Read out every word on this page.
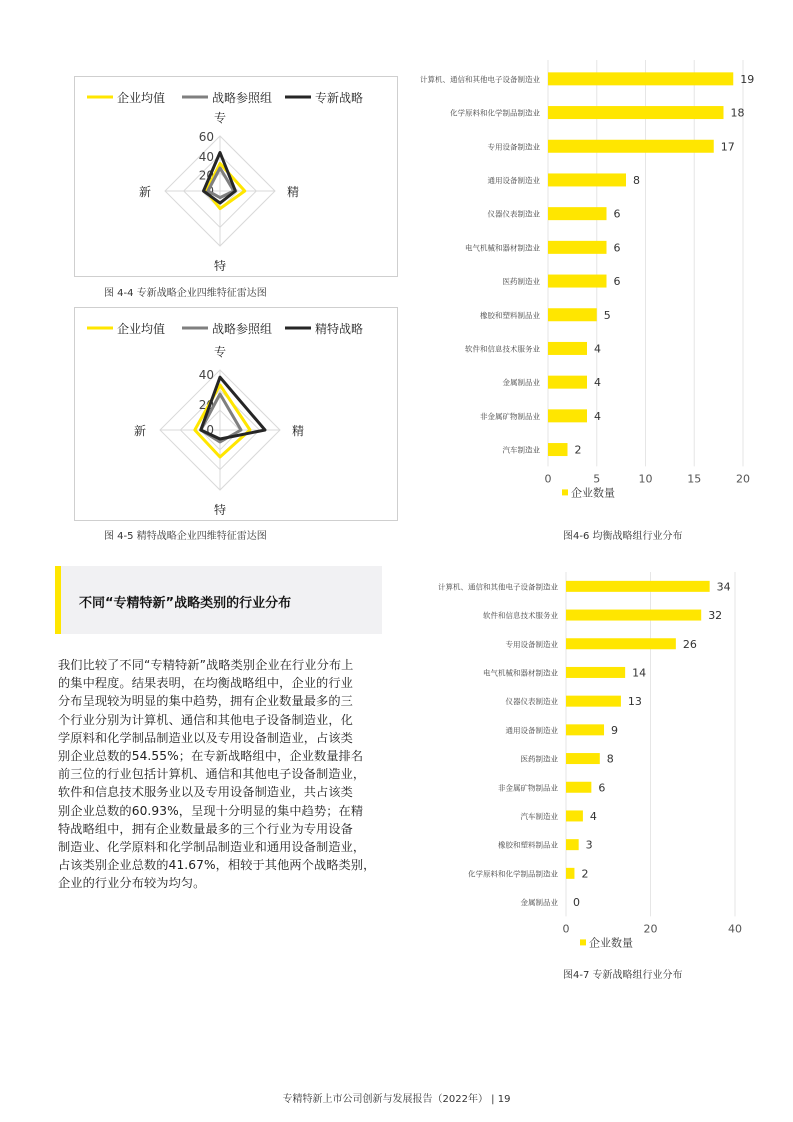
企业均值	战略参照组	专新战略
60
40
20
0
专
精
特
新
图 4-4 专新战略企业四维特征雷达图
企业均值	战略参照组	精特战略
40
20
0
专
精
特
新
图 4-5 精特战略企业四维特征雷达图
0	5	10	15	20
计算机、通信和其他电子设备制造业	19
化学原料和化学制品制造业	18
专用设备制造业	17
通用设备制造业	8
仪器仪表制造业	6
电气机械和器材制造业	6
医药制造业	6
橡胶和塑料制品业	5
软件和信息技术服务业	4
金属制品业	4
非金属矿物制品业	4
汽车制造业	2
企业数量
图4-6 均衡战略组行业分布
0	20	40
计算机、通信和其他电子设备制造业	34
软件和信息技术服务业	32
专用设备制造业	26
电气机械和器材制造业	14
仪器仪表制造业	13
通用设备制造业	9
医药制造业	8
非金属矿物制品业	6
汽车制造业	4
橡胶和塑料制品业	3
化学原料和化学制品制造业 2
金属制品业 0
企业数量
图4-7 专新战略组行业分布
不同“专精特新”战略类别的行业分布
我们比较了不同“专精特新”战略类别企业在行业分布上
的集中程度。结果表明，在均衡战略组中，企业的行业
分布呈现较为明显的集中趋势，拥有企业数量最多的三
个行业分别为计算机、通信和其他电子设备制造业，化
学原料和化学制品制造业以及专用设备制造业，占该类
别企业总数的54.55%；在专新战略组中，企业数量排名
前三位的行业包括计算机、通信和其他电子设备制造业，
软件和信息技术服务业以及专用设备制造业，共占该类
别企业总数的60.93%，呈现十分明显的集中趋势；在精
特战略组中，拥有企业数量最多的三个行业为专用设备
制造业、化学原料和化学制品制造业和通用设备制造业，
占该类别企业总数的41.67%，相较于其他两个战略类别，
企业的行业分布较为均匀。
专精特新上市公司创新与发展报告（2022年） | 19
